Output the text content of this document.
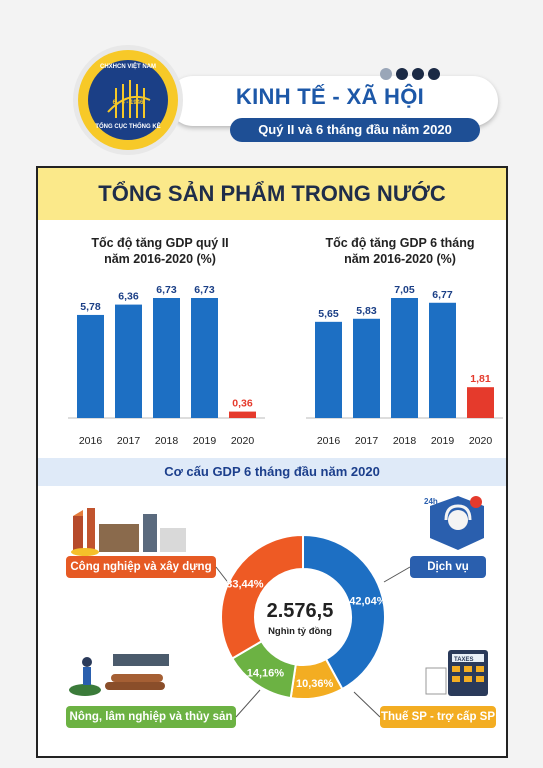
KINH TẾ - XÃ HỘI
Quý II và 6 tháng đầu năm 2020
CHXHCN VIỆT NAM
6 - 5 - 1946
TỔNG CỤC THỐNG KÊ
TỔNG SẢN PHẨM TRONG NƯỚC
Tốc độ tăng GDP quý II
năm 2016-2020 (%)
5,78
2016
6,36
2017
6,73
2018
6,73
2019
0,36
2020
Tốc độ tăng GDP 6 tháng
năm 2016-2020 (%)
5,65
2016
5,83
2017
7,05
2018
6,77
2019
1,81
2020
Cơ cấu GDP 6 tháng đầu năm 2020
24h
Công nghiệp và xây dựng	Dịch vụ
Nông, lâm nghiệp và thủy sản	Thuế SP - trợ cấp SP
42,04%
10,36%
14,16%
33,44%
2.576,5
Nghìn tỷ đồng
TAXES
